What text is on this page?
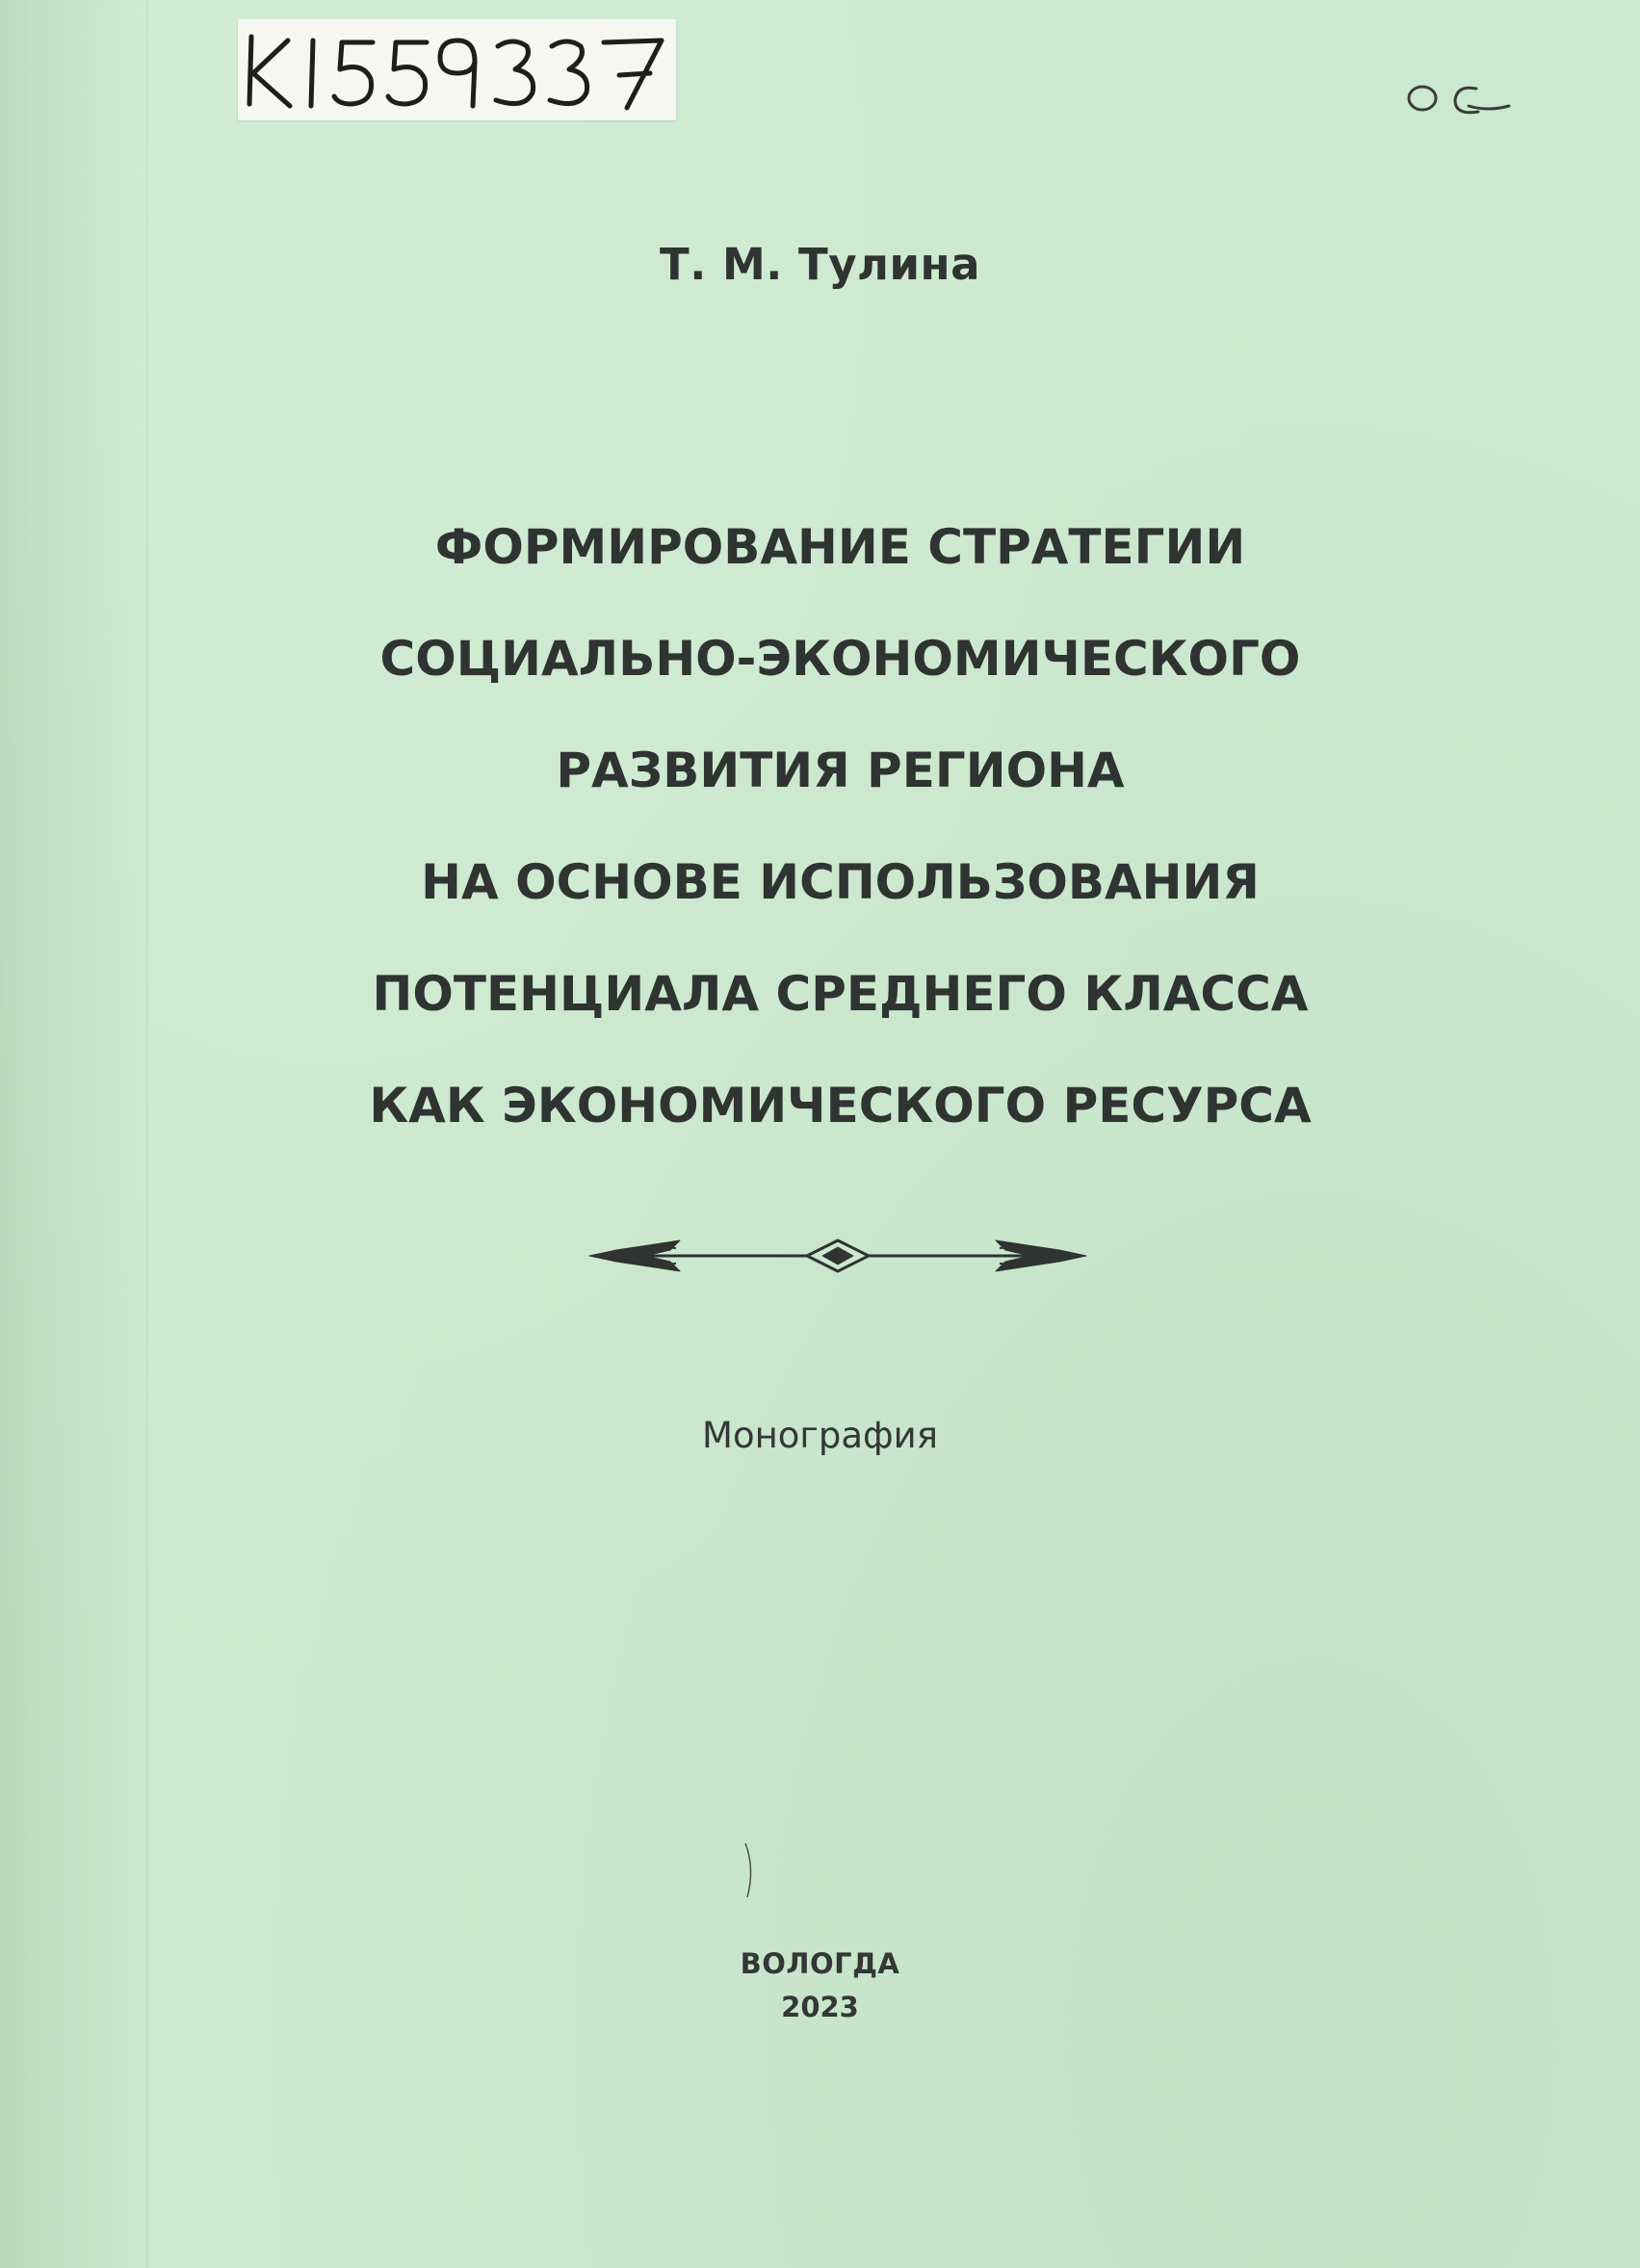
Т. М. Тулина
ФОРМИРОВАНИЕ СТРАТЕГИИ
СОЦИАЛЬНО-ЭКОНОМИЧЕСКОГО
РАЗВИТИЯ РЕГИОНА
НА ОСНОВЕ ИСПОЛЬЗОВАНИЯ
ПОТЕНЦИАЛА СРЕДНЕГО КЛАССА
КАК ЭКОНОМИЧЕСКОГО РЕСУРСА
Монография
ВОЛОГДА
2023
